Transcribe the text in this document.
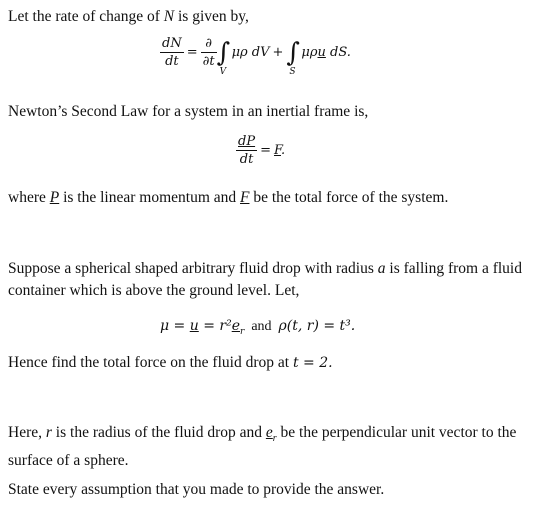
Let the rate of change of N is given by,

$\frac{dN}{dt} = \frac{\partial}{\partial t}$ ∫
V
μρ dV + ∫
S
μρu dS.

Newton’s Second Law for a system in an inertial frame is,

$\frac{dP}{dt} = F$.

where P is the linear momentum and F be the total force of the system.

Suppose a spherical shaped arbitrary fluid drop with radius a is falling from a fluid container which is above the ground level. Let,

$\mu = u = r^2e_r$  and  ρ(t, r) = t³.

Hence find the total force on the fluid drop at t = 2.

Here, r is the radius of the fluid drop and $e_r$ be the perpendicular unit vector to the surface of a sphere.

State every assumption that you made to provide the answer.
